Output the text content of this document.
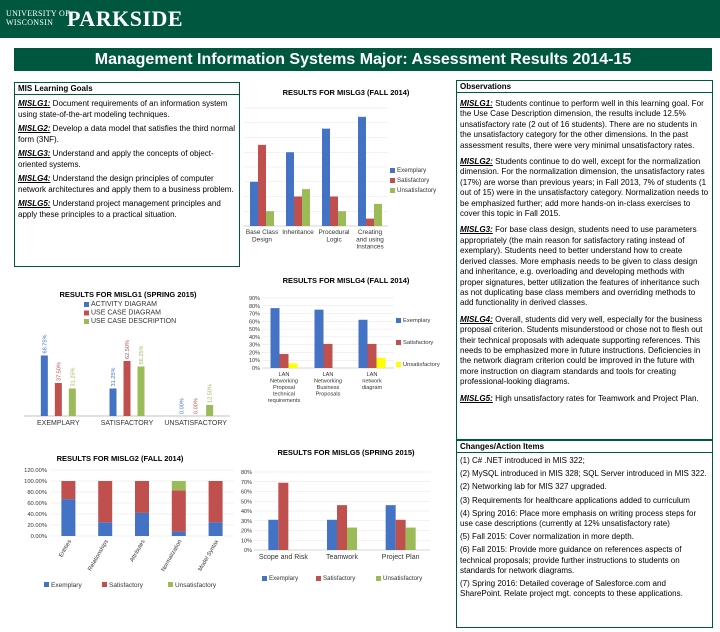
UNIVERSITY OF
WISCONSIN PARKSIDE
Management Information Systems Major: Assessment Results 2014-15
MIS Learning Goals
MISLG1: Document requirements of an information system using state-of-the-art modeling techniques.
MISLG2: Develop a data model that satisfies the third normal form (3NF).
MISLG3: Understand and apply the concepts of object-oriented systems.
MISLG4: Understand the design principles of computer network architectures and apply them to a business problem.
MISLG5: Understand project management principles and apply these principles to a practical situation.
Observations
MISLG1: Students continue to perform well in this learning goal. For the Use Case Description dimension, the results include 12.5% unsatisfactory rate (2 out of 16 students). There are no students in the unsatisfactory category for the other dimensions. In the past assessment results, there were very minimal unsatisfactory rates.
MISLG2: Students continue to do well, except for the normalization dimension. For the normalization dimension, the unsatisfactory rates (17%) are worse than previous years; in Fall 2013, 7% of students (1 out of 15) were in the unsatisfactory category. Normalization needs to be emphasized further; add more hands-on in-class exercises to cover this topic in Fall 2015.
MISLG3: For base class design, students need to use parameters appropriately (the main reason for satisfactory rating instead of exemplary). Students need to better understand how to create derived classes. More emphasis needs to be given to class design and inheritance, e.g. overloading and developing methods with proper signatures, better utilization the features of inheritance such as not duplicating base class members and overriding methods to add functionality in derived classes.
MISLG4: Overall, students did very well, especially for the business proposal criterion. Students misunderstood or chose not to flesh out their technical proposals with adequate supporting references. This needs to be emphasized more in future instructions. Deficiencies in the network diagram criterion could be improved in the future with more instruction on diagram standards and tools for creating professional-looking diagrams.
MISLG5: High unsatisfactory rates for Teamwork and Project Plan.
Changes/Action Items
(1) C# .NET introduced in MIS 322;
(2) MySQL introduced in MIS 328; SQL Server introduced in MIS 322.
(2) Networking lab for MIS 327 upgraded.
(3) Requirements for healthcare applications added to curriculum
(4) Spring 2016: Place more emphasis on writing process steps for use case descriptions (currently at 12% unsatisfactory rate)
(5) Fall 2015: Cover normalization in more depth.
(6) Fall 2015: Provide more guidance on references aspects of technical proposals; provide further instructions to students on standards for network diagrams.
(7) Spring 2016: Detailed coverage of Salesforce.com and SharePoint. Relate project mgt. concepts to these applications.
RESULTS FOR MISLG3 (FALL 2014)
Base Class Design
Inheritance Procedural Logic
Creating and using Instances
Exemplary
Satisfactory
Unsatisfactory
RESULTS FOR MISLG4 (FALL 2014)
0%
10%
20%
30%
40%
50%
60%
70%
80%
90%
LAN Networking Proposal technical requirements
LAN Networking Business Proposals
LAN network diagram
Exemplary
Satisfactory
Unsatisfactory
RESULTS FOR MISLG5 (SPRING 2015)
0%
10%
20%
30%
40%
50%
60%
70%
80%
Scope and Risk	Teamwork	Project Plan
Exemplary	Satisfactory	Unsatisfactory
RESULTS FOR MISLG1 (SPRING 2015)
68.75%
37.50% 31.25%
EXEMPLARY
31.25%
62.50% 56.25%
SATISFACTORY
0.00% 0.00%
12.50%
UNSATISFACTORY
ACTIVITY DIAGRAM
USE CASE DIAGRAM
USE CASE DESCRIPTION
RESULTS FOR MISLG2 (FALL 2014)
0.00%
20.00%
40.00%
60.00%
80.00%
100.00%
120.00%
Entities Relationships	Attributes Normalization Model Syntax
Exemplary	Satisfactory	Unsatisfactory
